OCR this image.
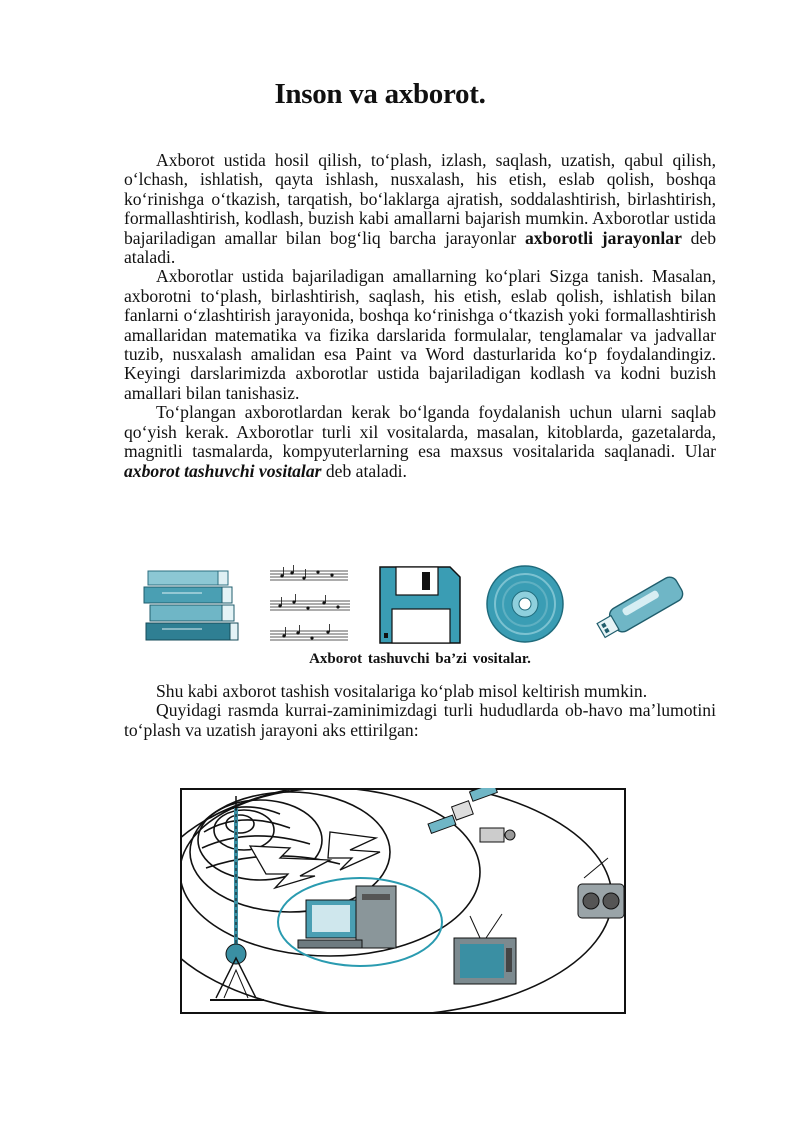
Inson va axborot.

Axborot ustida hosil qilish, to‘plash, izlash, saqlash, uzatish, qabul qilish, o‘lchash, ishlatish, qayta ishlash, nusxalash, his etish, eslab qolish, boshqa ko‘rinishga o‘tkazish, tarqatish, bo‘laklarga ajratish, soddalashtirish, birlashtirish, formallashtirish, kodlash, buzish kabi amallarni bajarish mumkin. Axborotlar ustida bajariladigan amallar bilan bog‘liq barcha jarayonlar axborotli jarayonlar deb ataladi.

Axborotlar ustida bajariladigan amallarning ko‘plari Sizga tanish. Masalan, axborotni to‘plash, birlashtirish, saqlash, his etish, eslab qolish, ishlatish bilan fanlarni o‘zlashtirish jarayonida, boshqa ko‘rinishga o‘tkazish yoki formallashtirish amallaridan matematika va fizika darslarida formulalar, tenglamalar va jadvallar tuzib, nusxalash amalidan esa Paint va Word dasturlarida ko‘p foydalandingiz. Keyingi darslarimizda axborotlar ustida bajariladigan kodlash va kodni buzish amallari bilan tanishasiz.

To‘plangan axborotlardan kerak bo‘lganda foydalanish uchun ularni saqlab qo‘yish kerak. Axborotlar turli xil vositalarda, masalan, kitoblarda, gazetalarda, magnitli tasmalarda, kompyuterlarning esa maxsus vositalarida saqlanadi. Ular axborot tashuvchi vositalar deb ataladi.

Axborot tashuvchi ba’zi vositalar.

Shu kabi axborot tashish vositalariga ko‘plab misol keltirish mumkin.

Quyidagi rasmda kurrai-zaminimizdagi turli hududlarda ob-havo ma’lumotini to‘plash va uzatish jarayoni aks ettirilgan:
